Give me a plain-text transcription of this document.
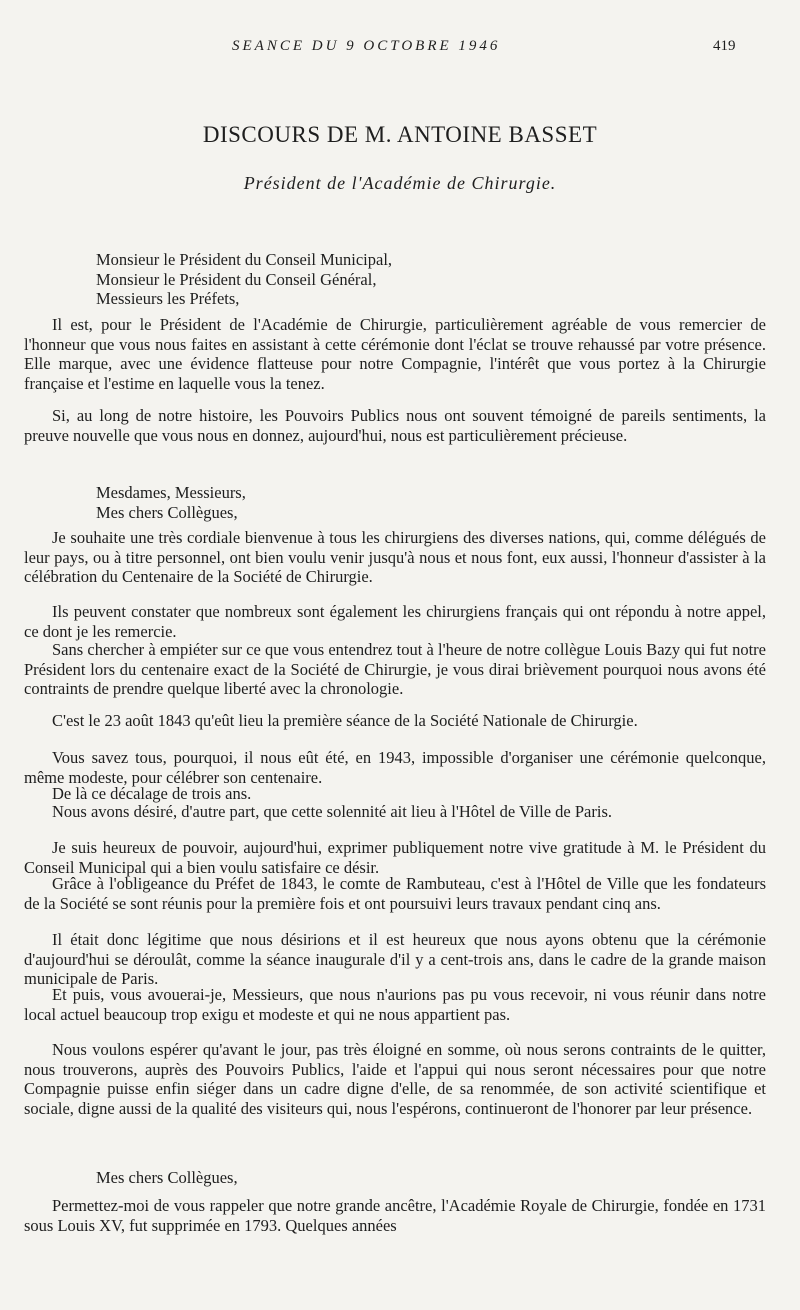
SEANCE DU 9 OCTOBRE 1946	419
DISCOURS DE M. ANTOINE BASSET
Président de l'Académie de Chirurgie.
Monsieur le Président du Conseil Municipal,
Monsieur le Président du Conseil Général,
Messieurs les Préfets,
Il est, pour le Président de l'Académie de Chirurgie, particulièrement agréable de vous remercier de l'honneur que vous nous faites en assistant à cette cérémonie dont l'éclat se trouve rehaussé par votre présence. Elle marque, avec une évidence flatteuse pour notre Compagnie, l'intérêt que vous portez à la Chirurgie française et l'estime en laquelle vous la tenez.
Si, au long de notre histoire, les Pouvoirs Publics nous ont souvent témoigné de pareils sentiments, la preuve nouvelle que vous nous en donnez, aujourd'hui, nous est particulièrement précieuse.
Mesdames, Messieurs,
Mes chers Collègues,
Je souhaite une très cordiale bienvenue à tous les chirurgiens des diverses nations, qui, comme délégués de leur pays, ou à titre personnel, ont bien voulu venir jusqu'à nous et nous font, eux aussi, l'honneur d'assister à la célébration du Centenaire de la Société de Chirurgie.
Ils peuvent constater que nombreux sont également les chirurgiens français qui ont répondu à notre appel, ce dont je les remercie.
Sans chercher à empiéter sur ce que vous entendrez tout à l'heure de notre collègue Louis Bazy qui fut notre Président lors du centenaire exact de la Société de Chirurgie, je vous dirai brièvement pourquoi nous avons été contraints de prendre quelque liberté avec la chronologie.
C'est le 23 août 1843 qu'eût lieu la première séance de la Société Nationale de Chirurgie.
Vous savez tous, pourquoi, il nous eût été, en 1943, impossible d'organiser une cérémonie quelconque, même modeste, pour célébrer son centenaire.
De là ce décalage de trois ans.
Nous avons désiré, d'autre part, que cette solennité ait lieu à l'Hôtel de Ville de Paris.
Je suis heureux de pouvoir, aujourd'hui, exprimer publiquement notre vive gratitude à M. le Président du Conseil Municipal qui a bien voulu satisfaire ce désir.
Grâce à l'obligeance du Préfet de 1843, le comte de Rambuteau, c'est à l'Hôtel de Ville que les fondateurs de la Société se sont réunis pour la première fois et ont poursuivi leurs travaux pendant cinq ans.
Il était donc légitime que nous désirions et il est heureux que nous ayons obtenu que la cérémonie d'aujourd'hui se déroulât, comme la séance inaugurale d'il y a cent-trois ans, dans le cadre de la grande maison municipale de Paris.
Et puis, vous avouerai-je, Messieurs, que nous n'aurions pas pu vous recevoir, ni vous réunir dans notre local actuel beaucoup trop exigu et modeste et qui ne nous appartient pas.
Nous voulons espérer qu'avant le jour, pas très éloigné en somme, où nous serons contraints de le quitter, nous trouverons, auprès des Pouvoirs Publics, l'aide et l'appui qui nous seront nécessaires pour que notre Compagnie puisse enfin siéger dans un cadre digne d'elle, de sa renommée, de son activité scientifique et sociale, digne aussi de la qualité des visiteurs qui, nous l'espérons, continueront de l'honorer par leur présence.
Mes chers Collègues,
Permettez-moi de vous rappeler que notre grande ancêtre, l'Académie Royale de Chirurgie, fondée en 1731 sous Louis XV, fut supprimée en 1793. Quelques années
